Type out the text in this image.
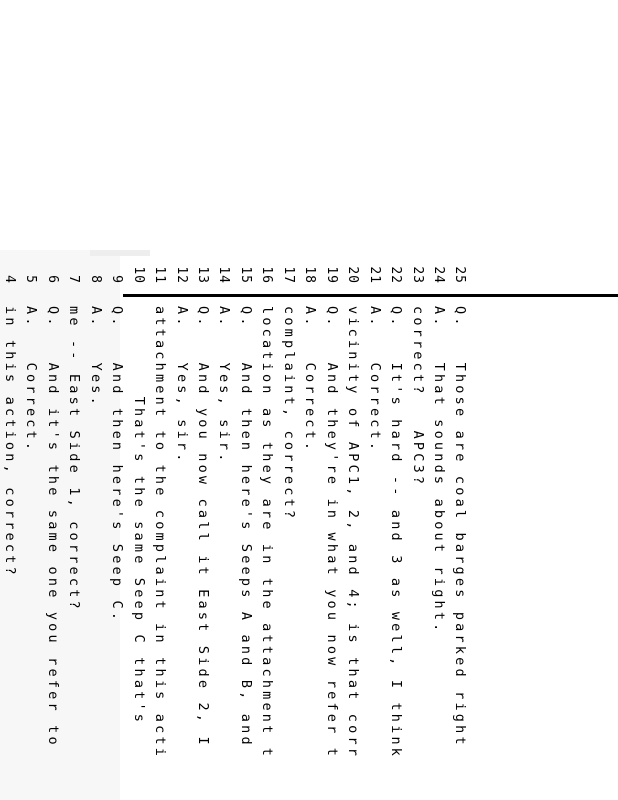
4
in this action, correct?
5
A.   Correct.
6
Q.   And it's the same one you refer to
7
me -- East Side 1, correct?
8
A.   Yes.
9
Q.   And then here's Seep C.
10
That's the same Seep C that's
11
attachment to the complaint in this acti
12
A.   Yes, sir.
13
Q.   And you now call it East Side 2, I
14
A.   Yes, sir.
15
Q.   And then here's Seeps A and B, and
16
location as they are in the attachment t
17
complaint, correct?
18
A.   Correct.
19
Q.   And they're in what you now refer t
20
vicinity of APC1, 2, and 4; is that corr
21
A.   Correct.
22
Q.   It's hard -- and 3 as well, I think
23
correct?   APC3?
24
A.   That sounds about right.
25
Q.   Those are coal barges parked right
